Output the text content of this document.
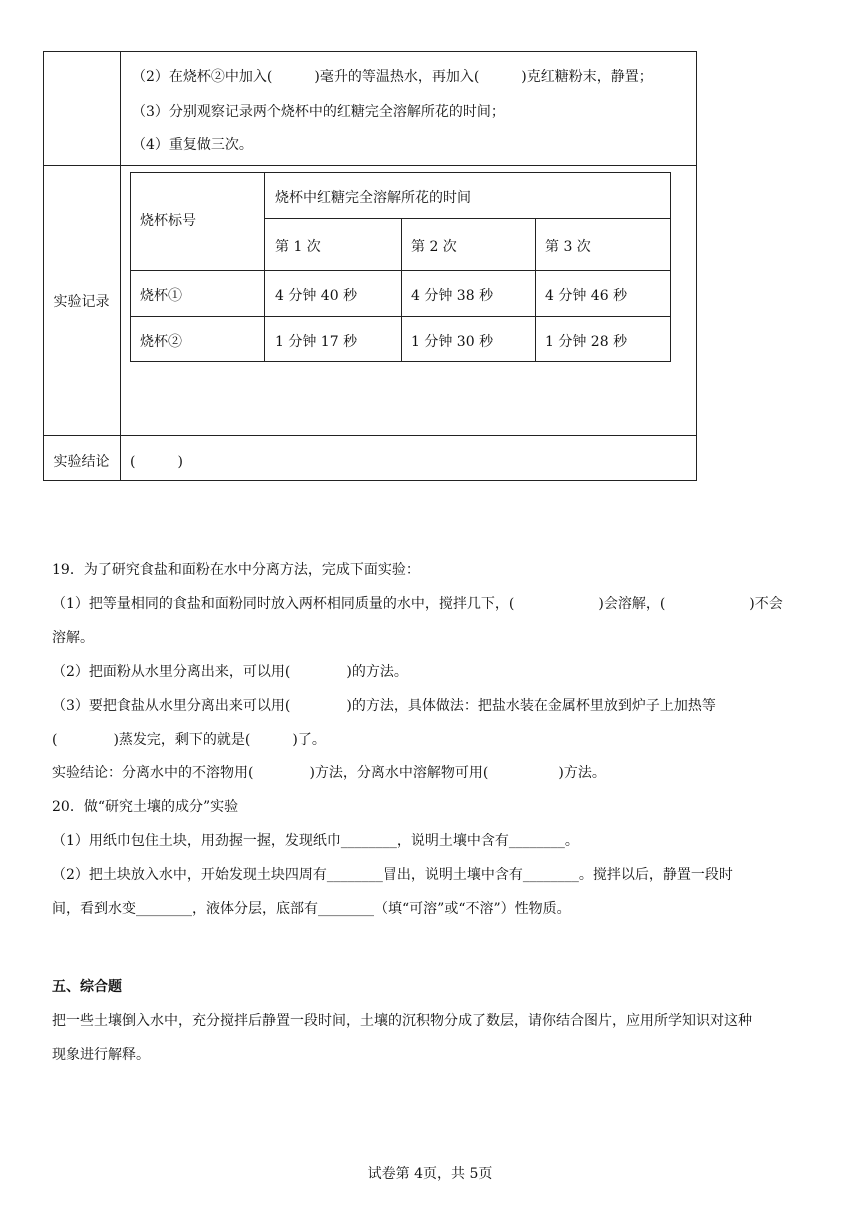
（2）在烧杯②中加入(　　　)毫升的等温热水，再加入(　　　)克红糖粉末，静置；
（3）分别观察记录两个烧杯中的红糖完全溶解所花的时间；
（4）重复做三次。
实验记录
烧杯标号
烧杯中红糖完全溶解所花的时间
第 1 次	第 2 次	第 3 次
烧杯①	4 分钟 40 秒	4 分钟 38 秒	4 分钟 46 秒
烧杯②	1 分钟 17 秒	1 分钟 30 秒	1 分钟 28 秒
实验结论	(　　　)
19．为了研究食盐和面粉在水中分离方法，完成下面实验：
（1）把等量相同的食盐和面粉同时放入两杯相同质量的水中，搅拌几下，(　　　　　　)会溶解，(　　　　　　)不会
溶解。
（2）把面粉从水里分离出来，可以用(　　　　)的方法。
（3）要把食盐从水里分离出来可以用(　　　　)的方法，具体做法：把盐水装在金属杯里放到炉子上加热等
(　　　　)蒸发完，剩下的就是(　　　)了。
实验结论：分离水中的不溶物用(　　　　)方法，分离水中溶解物可用(　　　　　)方法。
20．做“研究土壤的成分”实验
（1）用纸巾包住土块，用劲握一握，发现纸巾________，说明土壤中含有________。
（2）把土块放入水中，开始发现土块四周有________冒出，说明土壤中含有________。搅拌以后，静置一段时
间，看到水变________，液体分层，底部有________（填“可溶”或“不溶”）性物质。
五、综合题
把一些土壤倒入水中，充分搅拌后静置一段时间，土壤的沉积物分成了数层，请你结合图片，应用所学知识对这种
现象进行解释。
试卷第 4页，共 5页
